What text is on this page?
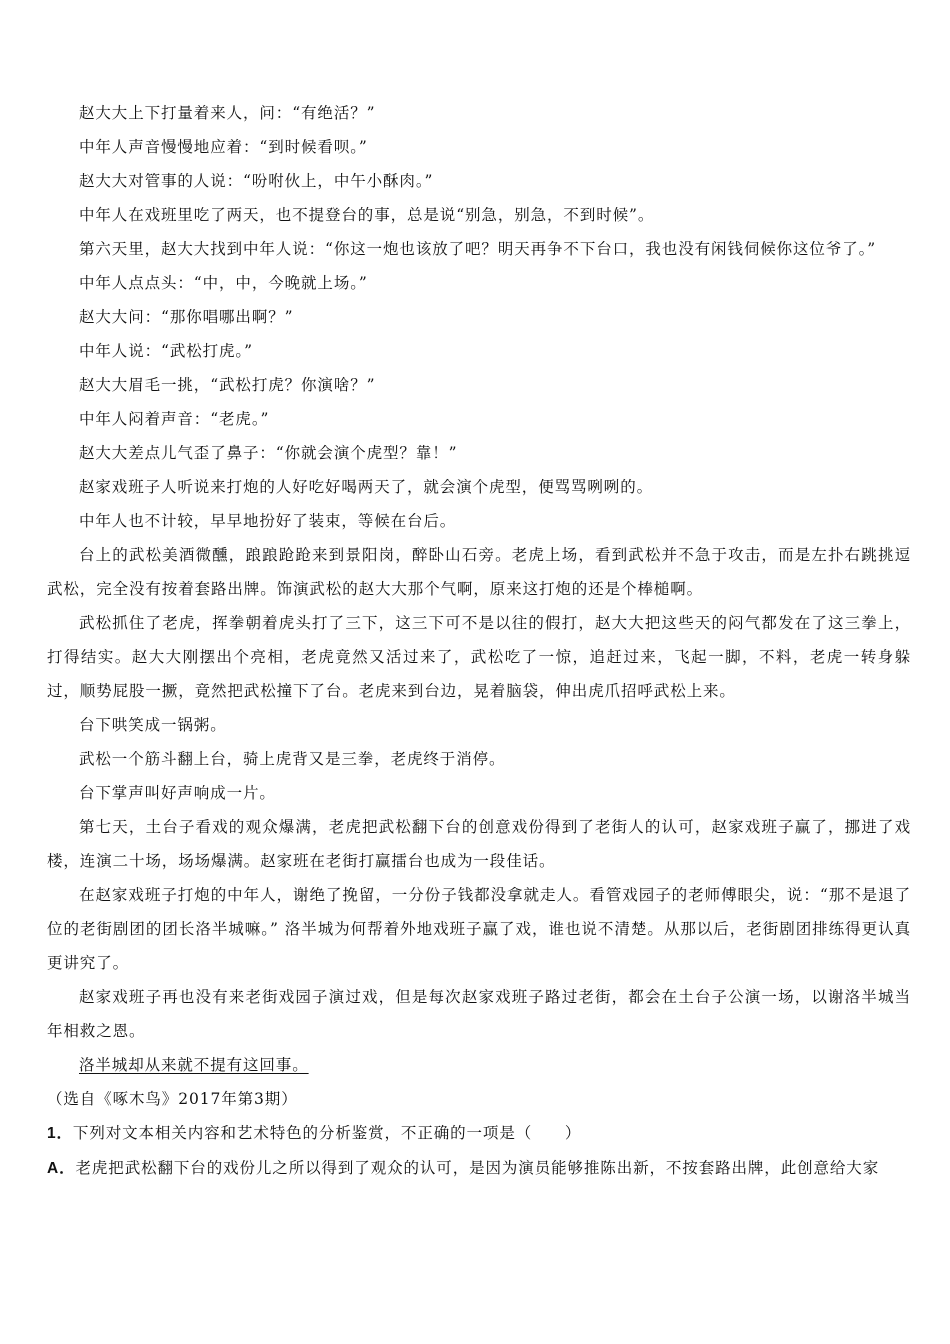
赵大大上下打量着来人，问：“有绝活？”

中年人声音慢慢地应着：“到时候看呗。”

赵大大对管事的人说：“吩咐伙上，中午小酥肉。”

中年人在戏班里吃了两天，也不提登台的事，总是说“别急，别急，不到时候”。

第六天里，赵大大找到中年人说：“你这一炮也该放了吧？明天再争不下台口，我也没有闲钱伺候你这位爷了。”

中年人点点头：“中，中，今晚就上场。”

赵大大问：“那你唱哪出啊？”

中年人说：“武松打虎。”

赵大大眉毛一挑，“武松打虎？你演啥？”

中年人闷着声音：“老虎。”

赵大大差点儿气歪了鼻子：“你就会演个虎型？靠！”

赵家戏班子人听说来打炮的人好吃好喝两天了，就会演个虎型，便骂骂咧咧的。

中年人也不计较，早早地扮好了装束，等候在台后。

台上的武松美酒微醺，踉踉跄跄来到景阳岗，醉卧山石旁。老虎上场，看到武松并不急于攻击，而是左扑右跳挑逗武松，完全没有按着套路出牌。饰演武松的赵大大那个气啊，原来这打炮的还是个棒槌啊。

武松抓住了老虎，挥拳朝着虎头打了三下，这三下可不是以往的假打，赵大大把这些天的闷气都发在了这三拳上，打得结实。赵大大刚摆出个亮相，老虎竟然又活过来了，武松吃了一惊，追赶过来，飞起一脚，不料，老虎一转身躲过，顺势屁股一撅，竟然把武松撞下了台。老虎来到台边，晃着脑袋，伸出虎爪招呼武松上来。

台下哄笑成一锅粥。

武松一个筋斗翻上台，骑上虎背又是三拳，老虎终于消停。

台下掌声叫好声响成一片。

第七天，土台子看戏的观众爆满，老虎把武松翻下台的创意戏份得到了老街人的认可，赵家戏班子赢了，挪进了戏楼，连演二十场，场场爆满。赵家班在老街打赢擂台也成为一段佳话。

在赵家戏班子打炮的中年人，谢绝了挽留，一分份子钱都没拿就走人。看管戏园子的老师傅眼尖，说：“那不是退了位的老街剧团的团长洛半城嘛。” 洛半城为何帮着外地戏班子赢了戏，谁也说不清楚。从那以后，老街剧团排练得更认真更讲究了。

赵家戏班子再也没有来老街戏园子演过戏，但是每次赵家戏班子路过老街，都会在土台子公演一场，以谢洛半城当年相救之恩。

洛半城却从来就不提有这回事。

（选自《啄木鸟》2017年第3期）

1．下列对文本相关内容和艺术特色的分析鉴赏，不正确的一项是（　　）

A．老虎把武松翻下台的戏份儿之所以得到了观众的认可，是因为演员能够推陈出新，不按套路出牌，此创意给大家
